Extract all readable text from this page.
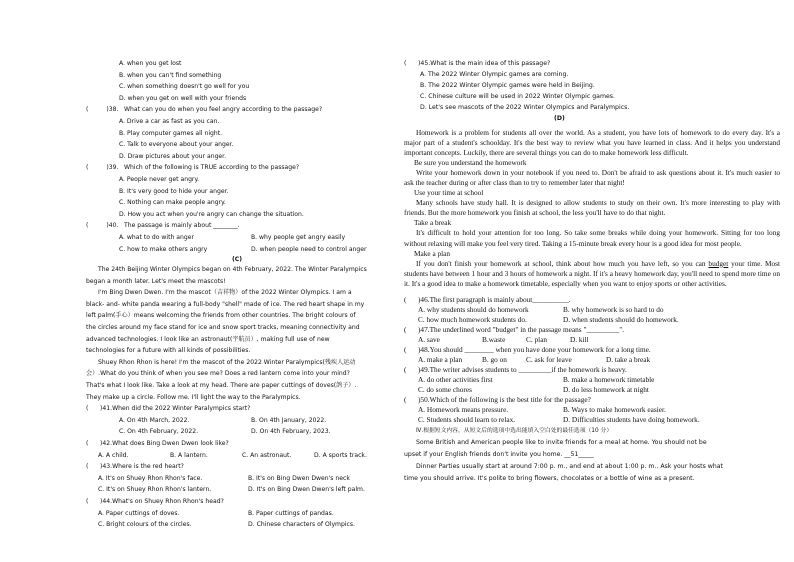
A. when you get lost
B. when you can't find something
C. when something doesn't go well for you
D. when you get on well with your friends
(	)38. What can you do when you feel angry according to the passage?
A. Drive a car as fast as you can.
B. Play computer games all night.
C. Talk to everyone about your anger.
D. Draw pictures about your anger.
(	)39. Which of the following is TRUE according to the passage?
A. People never get angry.
B. It's very good to hide your anger.
C. Nothing can make people angry.
D. How you act when you're angry can change the situation.
(	)40. The passage is mainly about ________.
A. what to do with anger	B. why people get angry easily
C. how to make others angry	D. when people need to control anger
(C)
The 24th Beijing Winter Olympics began on 4th February, 2022. The Winter Paralympics
began a month later. Let's meet the mascots!
I'm Bing Dwen Dwen. I'm the mascot（吉祥物）of the 2022 Winter Olympics. I am a
black- and- white panda wearing a full-body "shell" made of ice. The red heart shape in my
left palm(手心）means welcoming the friends from other countries. The bright colours of
the circles around my face stand for ice and snow sport tracks, meaning connectivity and
advanced technologies. I look like an astronaut(宇航员）, making full use of new
technologies for a future with all kinds of possibilities.
Shuey Rhon Rhon is here! I'm the mascot of the 2022 Winter Paralympics(残疾人运动
会）.What do you think of when you see me? Does a red lantern come into your mind?
That's what I look like. Take a look at my head. There are paper cuttings of doves(鸽子）.
They make up a circle. Follow me. I'll light the way to the Paralympics.
(	)41. When did the 2022 Winter Paralympics start?
A. On 4th March, 2022.	B. On 4th January, 2022.
C. On 4th February, 2022.	D. On 4th February, 2023.
(	)42. What does Bing Dwen Dwen look like?
A. A child.	B. A lantern.	C. An astronaut.	D. A sports track.
(	)43. Where is the red heart?
A. It's on Shuey Rhon Rhon's face.	B. It's on Bing Dwen Dwen's neck
C. It's on Shuey Rhon Rhon's lantern.	D. It's on Bing Dwen Dwen's left palm.
(	)44. What's on Shuey Rhon Rhon's head?
A. Paper cuttings of doves.	B. Paper cuttings of pandas.
C. Bright colours of the circles.	D. Chinese characters of Olympics.
(	)45. What is the main idea of this passage?
A. The 2022 Winter Olympic games are coming.
B. The 2022 Winter Olympic games were held in Beijing.
C. Chinese culture will be used in 2022 Winter Olympic games.
D. Let's see mascots of the 2022 Winter Olympics and Paralympics.
(D)
Homework is a problem for students all over the world. As a student, you have lots of homework to do every day. It's a major part of a student's schoolday. It's the best way to review what you have learned in class. And it helps you understand important concepts. Luckily, there are several things you can do to make homework less difficult.
Be sure you understand the homework
Write your homework down in your notebook if you need to. Don't be afraid to ask questions about it. It's much easier to ask the teacher during or after class than to try to remember later that night!
Use your time at school
Many schools have study hall. It is designed to allow students to study on their own. It's more interesting to play with friends. But the more homework you finish at school, the less you'll have to do that night.
Take a break
It's difficult to hold your attention for too long. So take some breaks while doing your homework. Sitting for too long without relaxing will make you feel very tired. Taking a 15-minute break every hour is a good idea for most people.
Make a plan
If you don't finish your homework at school, think about how much you have left, so you can budget your time. Most students have between 1 hour and 3 hours of homework a night. If it's a heavy homework day, you'll need to spend more time on it. It's a good idea to make a homework timetable, especially when you want to enjoy sports or other activities.
(	)46. The first paragraph is mainly about__________.
A. why students should do homework	B. why homework is so hard to do
C. how much homework students do.	D. when students should do homework.
(	)47. The underlined word "budget" in the passage means "_________".
A. save	B.waste	C. plan	D. kill
(	)48. You should ________ when you have done your homework for a long time.
A. make a plan	B. go on	C. ask for leave	D. take a break
(	)49. The writer advises students to _________if the homework is heavy.
A. do other activities first	B. make a homework timetable
C. do some chores	D. do less homework at night
(	)50. Which of the following is the best title for the passage?
A. Homework means pressure.	B. Ways to make homework easier.
C. Students should learn to relax.	D. Difficulties students have doing homework.
Ⅳ.根据短文内容，从短文后的选项中选出能填入空白处的最佳选项（10 分）
Some British and American people like to invite friends for a meal at home. You should not be
upset if your English friends don't invite you home. __51_____
Dinner Parties usually start at around 7:00 p. m., and end at about 1:00 p. m.. Ask your hosts what
time you should arrive. It's polite to bring flowers, chocolates or a bottle of wine as a present.
